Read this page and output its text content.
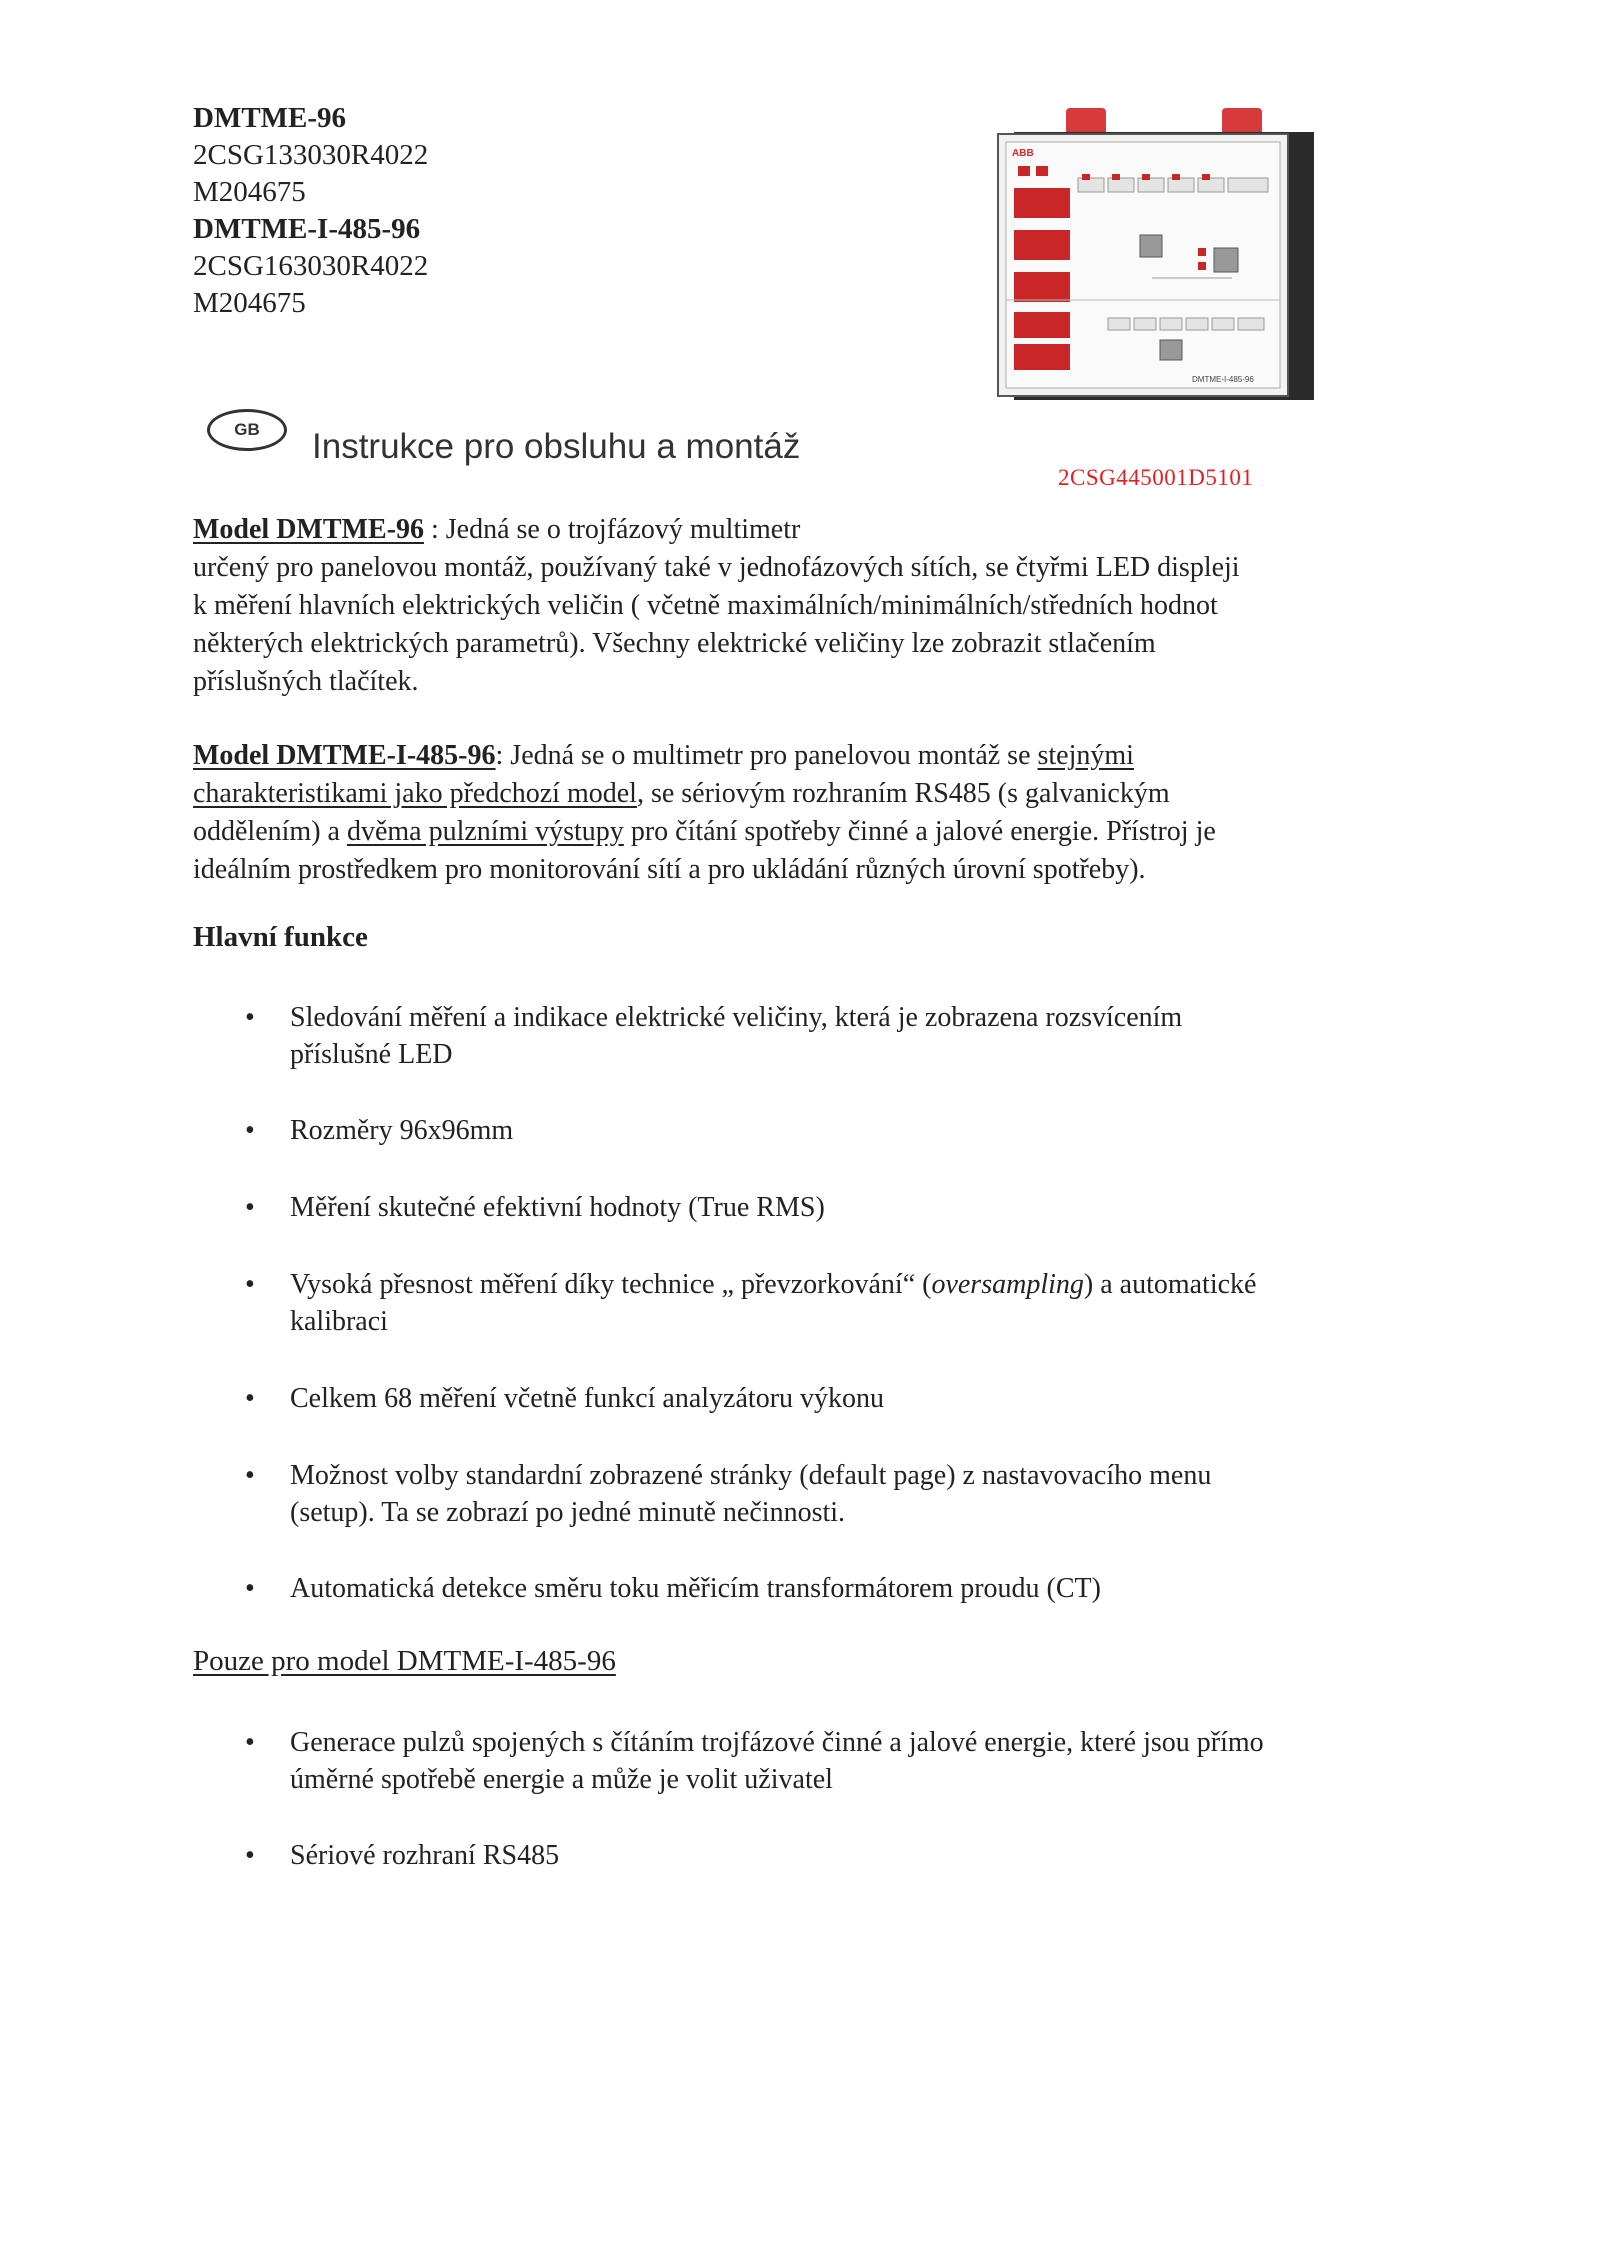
DMTME-96
2CSG133030R4022
M204675
DMTME-I-485-96
2CSG163030R4022
M204675
ABB
DMTME-I-485-96
2CSG445001D5101
GB	Instrukce pro obsluhu a montáž
Model DMTME-96 : Jedná se o trojfázový multimetr
určený pro panelovou montáž, používaný také v jednofázových sítích, se čtyřmi LED displeji
k měření hlavních elektrických veličin ( včetně maximálních/minimálních/středních hodnot
některých elektrických parametrů). Všechny elektrické veličiny lze zobrazit stlačením
příslušných tlačítek.
Model DMTME-I-485-96: Jedná se o multimetr pro panelovou montáž se stejnými
charakteristikami jako předchozí model, se sériovým rozhraním RS485 (s galvanickým
oddělením) a dvěma pulzními výstupy pro čítání spotřeby činné a jalové energie. Přístroj je
ideálním prostředkem pro monitorování sítí a pro ukládání různých úrovní spotřeby).
Hlavní funkce
• Sledování měření a indikace elektrické veličiny, která je zobrazena rozsvícením
příslušné LED
• Rozměry 96x96mm
• Měření skutečné efektivní hodnoty (True RMS)
• Vysoká přesnost měření díky technice „ převzorkování“ (oversampling) a automatické
kalibraci
• Celkem 68 měření včetně funkcí analyzátoru výkonu
• Možnost volby standardní zobrazené stránky (default page) z nastavovacího menu
(setup). Ta se zobrazí po jedné minutě nečinnosti.
• Automatická detekce směru toku měřicím transformátorem proudu (CT)
Pouze pro model DMTME-I-485-96
• Generace pulzů spojených s čítáním trojfázové činné a jalové energie, které jsou přímo
úměrné spotřebě energie a může je volit uživatel
• Sériové rozhraní RS485
